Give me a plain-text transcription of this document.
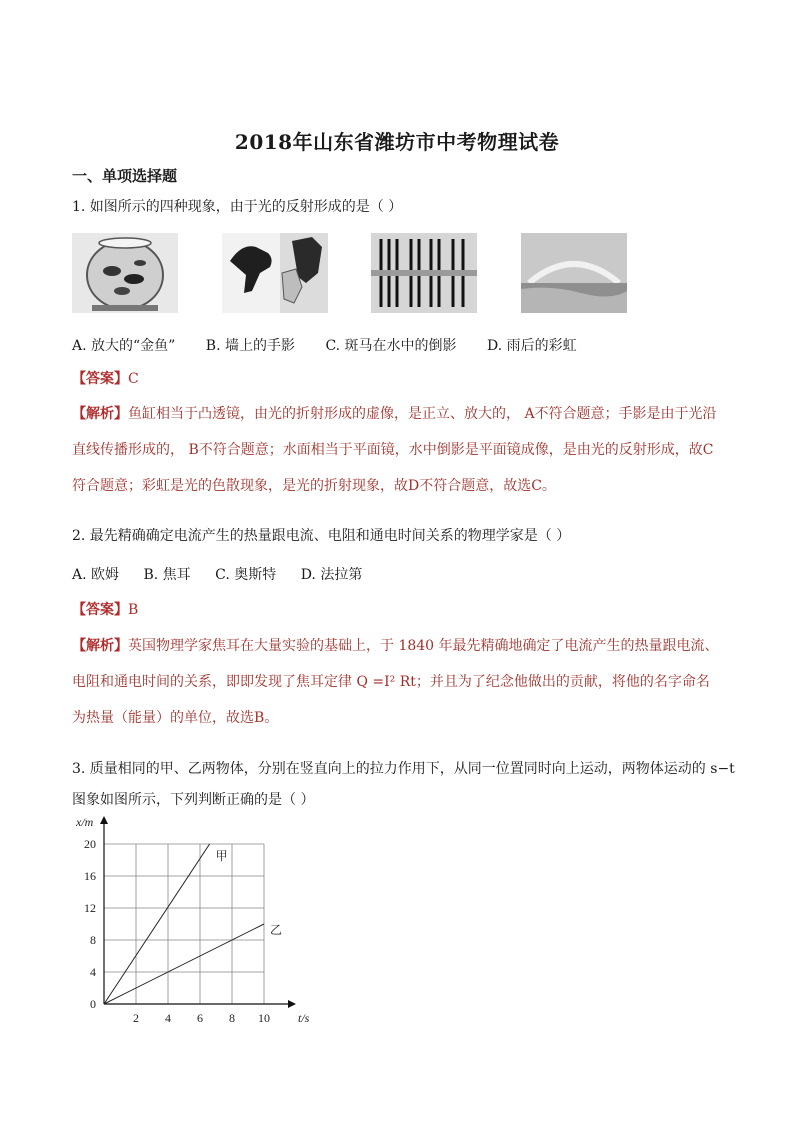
2018年山东省潍坊市中考物理试卷
一、单项选择题
1. 如图所示的四种现象，由于光的反射形成的是（ ）
A. 放大的“金鱼” B. 墙上的手影 C. 斑马在水中的倒影 D. 雨后的彩虹
【答案】C
【解析】鱼缸相当于凸透镜，由光的折射形成的虚像，是正立、放大的， A不符合题意；手影是由于光沿直线传播形成的， B不符合题意；水面相当于平面镜，水中倒影是平面镜成像，是由光的反射形成，故C符合题意；彩虹是光的色散现象，是光的折射现象，故D不符合题意，故选C。
2. 最先精确确定电流产生的热量跟电流、电阻和通电时间关系的物理学家是（ ）
A. 欧姆 B. 焦耳 C. 奥斯特 D. 法拉第
【答案】B
【解析】英国物理学家焦耳在大量实验的基础上，于 1840 年最先精确地确定了电流产生的热量跟电流、电阻和通电时间的关系，即即发现了焦耳定律 Q =I² Rt；并且为了纪念他做出的贡献，将他的名字命名为热量（能量）的单位，故选B。
3. 质量相同的甲、乙两物体，分别在竖直向上的拉力作用下，从同一位置同时向上运动，两物体运动的 s−t
图象如图所示，下列判断正确的是（ ）
0
4
8
12
16
20
2 4 6 8 10
x/m
t/s
甲
乙
